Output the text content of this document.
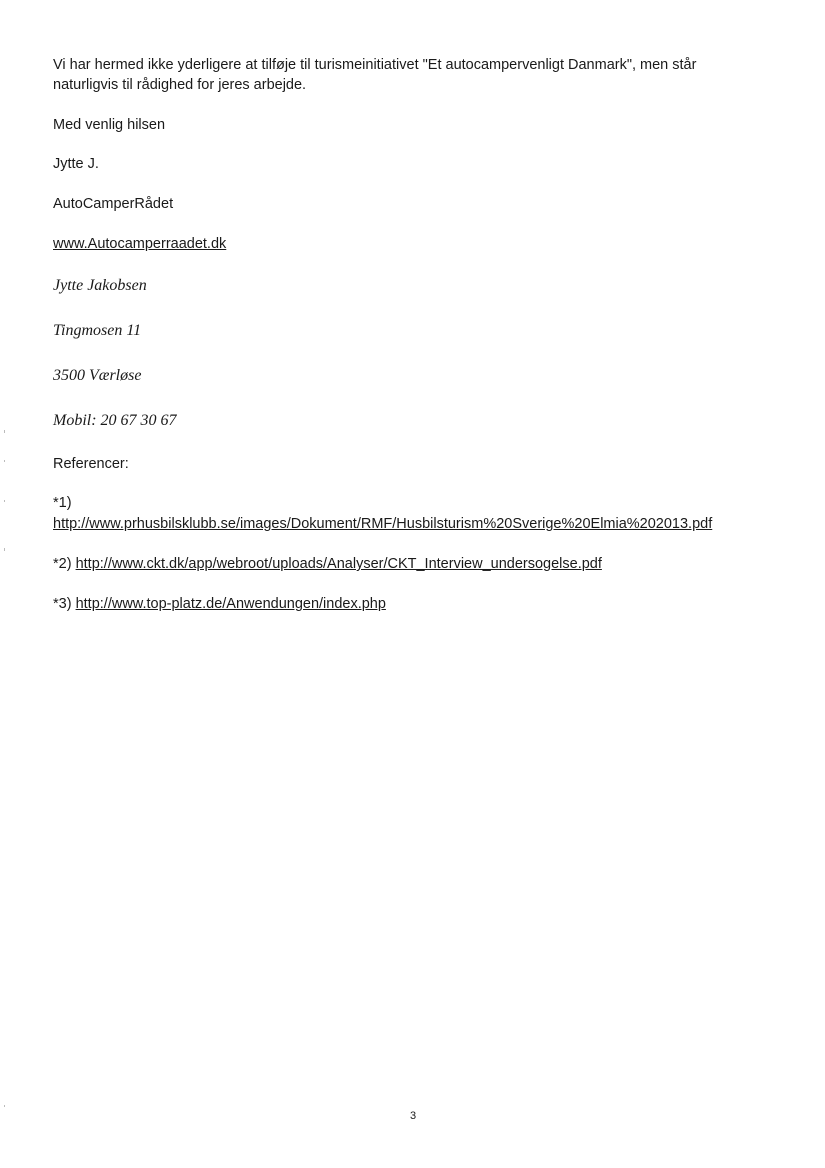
Vi har hermed ikke yderligere at tilføje til turismeinitiativet "Et autocampervenligt Danmark", men står
naturligvis til rådighed for jeres arbejde.
Med venlig hilsen
Jytte J.
AutoCamperRådet
www.Autocamperraadet.dk
Jytte Jakobsen
Tingmosen 11
3500 Værløse
Mobil: 20 67 30 67
Referencer:
*1)
http://www.prhusbilsklubb.se/images/Dokument/RMF/Husbilsturism%20Sverige%20Elmia%202013.pdf
*2) http://www.ckt.dk/app/webroot/uploads/Analyser/CKT_Interview_undersogelse.pdf
*3) http://www.top-platz.de/Anwendungen/index.php
3
